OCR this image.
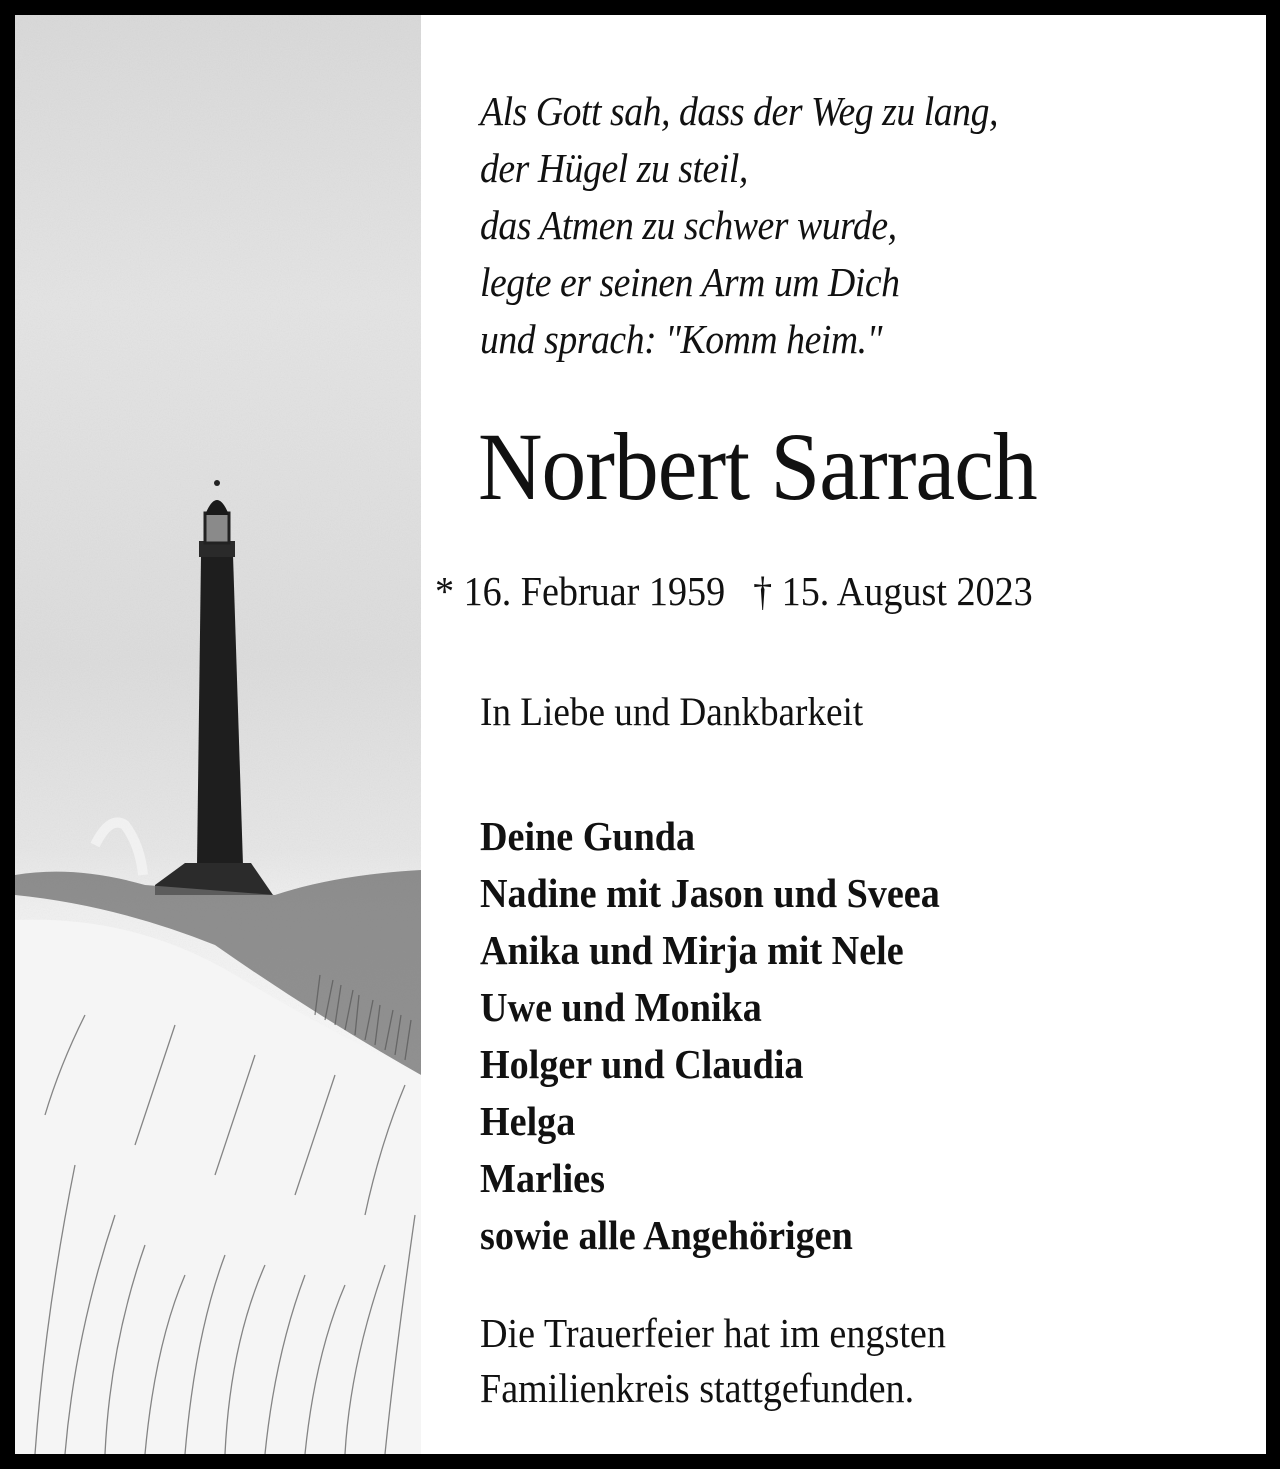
Als Gott sah, dass der Weg zu lang,
der Hügel zu steil,
das Atmen zu schwer wurde,
legte er seinen Arm um Dich
und sprach: "Komm heim."
Norbert Sarrach
* 16. Februar 1959 † 15. August 2023
In Liebe und Dankbarkeit
Deine Gunda
Nadine mit Jason und Sveea
Anika und Mirja mit Nele
Uwe und Monika
Holger und Claudia
Helga
Marlies
sowie alle Angehörigen
Die Trauerfeier hat im engsten
Familienkreis stattgefunden.
